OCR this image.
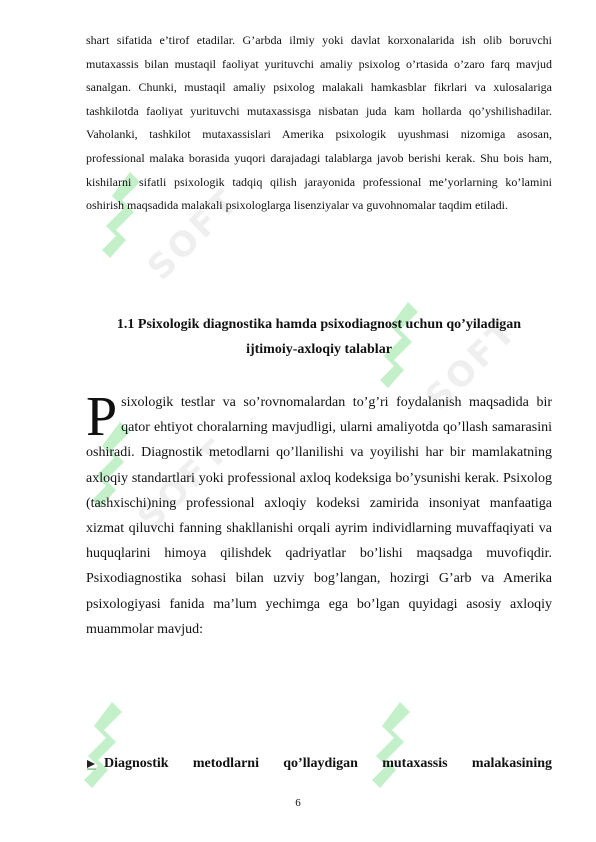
SOFT
SOFT
SOFT

shart sifatida e’tirof etadilar. G’arbda ilmiy yoki davlat korxonalarida ish olib boruvchi mutaxassis bilan mustaqil faoliyat yurituvchi amaliy psixolog o’rtasida o’zaro farq mavjud sanalgan. Chunki, mustaqil amaliy psixolog malakali hamkasblar fikrlari va xulosalariga tashkilotda faoliyat yurituvchi mutaxassisga nisbatan juda kam hollarda qo’yshilishadilar. Vaholanki, tashkilot mutaxassislari Amerika psixologik uyushmasi nizomiga asosan, professional malaka borasida yuqori darajadagi talablarga javob berishi kerak. Shu bois ham, kishilarni sifatli psixologik tadqiq qilish jarayonida professional me’yorlarning ko’lamini oshirish maqsadida malakali psixologlarga lisenziyalar va guvohnomalar taqdim etiladi.

1.1 Psixologik diagnostika hamda psixodiagnost uchun qo’yiladigan
ijtimoiy-axloqiy talablar

Psixologik testlar va so’rovnomalardan to’g’ri foydalanish maqsadida bir qator ehtiyot choralarning mavjudligi, ularni amaliyotda qo’llash samarasini oshiradi. Diagnostik metodlarni qo’llanilishi va yoyilishi har bir mamlakatning axloqiy standartlari yoki professional axloq kodeksiga bo’ysunishi kerak. Psixolog (tashxischi)ning professional axloqiy kodeksi zamirida insoniyat manfaatiga xizmat qiluvchi fanning shakllanishi orqali ayrim individlarning muvaffaqiyati va huquqlarini himoya qilishdek qadriyatlar bo’lishi maqsadga muvofiqdir. Psixodiagnostika sohasi bilan uzviy bog’langan, hozirgi G’arb va Amerika psixologiyasi fanida ma’lum yechimga ega bo’lgan quyidagi asosiy axloqiy muammolar mavjud:

Diagnostik metodlarni qo’llaydigan mutaxassis malakasining
6
